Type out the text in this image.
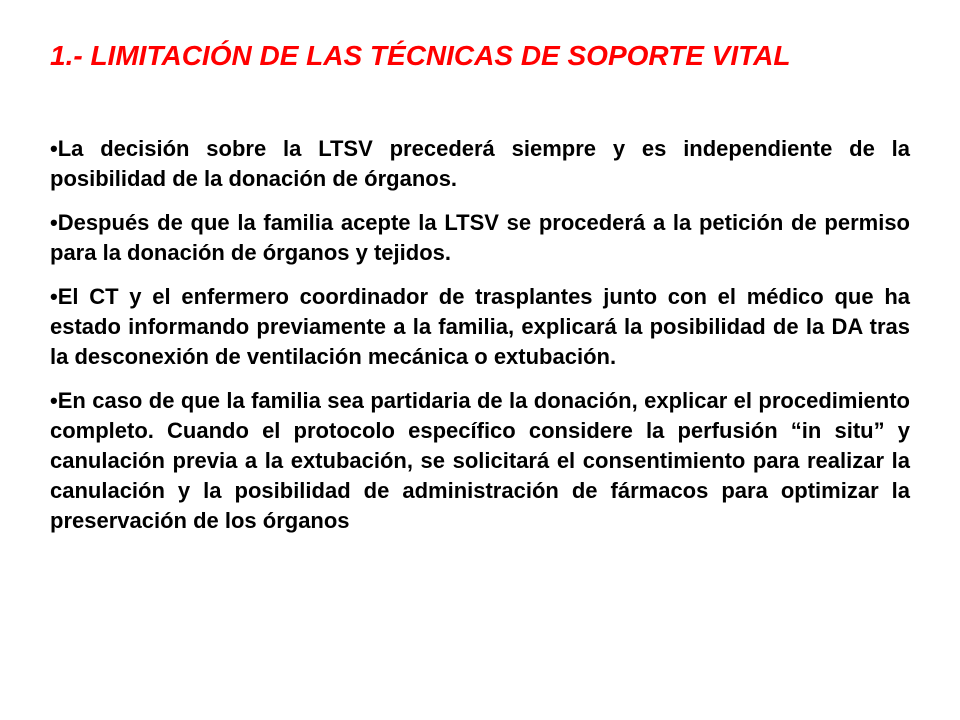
1.- LIMITACIÓN DE LAS TÉCNICAS DE SOPORTE VITAL
• La decisión sobre la LTSV precederá siempre y es independiente de la posibilidad de la donación de órganos.
• Después de que la familia acepte la LTSV se procederá a la petición de permiso para la donación de órganos y tejidos.
• El CT y el enfermero coordinador de trasplantes junto con el médico que ha estado informando previamente a la familia, explicará la posibilidad de la DA tras la desconexión de ventilación mecánica o extubación.
• En caso de que la familia sea partidaria de la donación, explicar el procedimiento completo. Cuando el protocolo específico considere la perfusión “in situ” y canulación previa a la extubación, se solicitará el consentimiento para realizar la canulación y la posibilidad de administración de fármacos para optimizar la preservación de los órganos
